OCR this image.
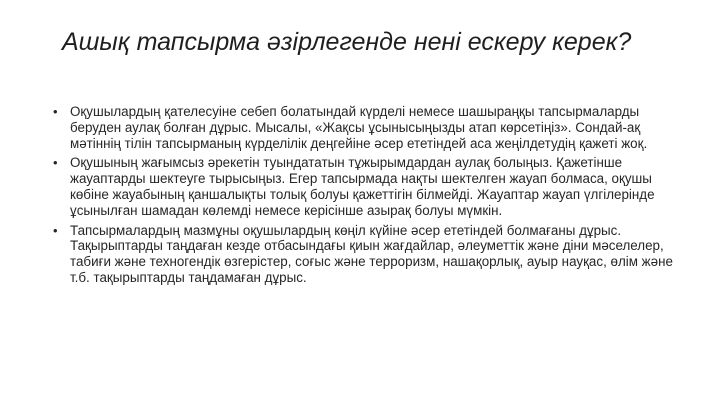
Ашық тапсырма әзірлегенде нені ескеру керек?
• Оқушылардың қателесуіне себеп болатындай күрделі немесе шашыраңқы тапсырмаларды беруден аулақ болған дұрыс. Мысалы, «Жақсы ұсынысыңызды атап көрсетіңіз». Сондай-ақ мәтіннің тілін тапсырманың күрделілік деңгейіне әсер ететіндей аса жеңілдетудің қажеті жоқ.
• Оқушының жағымсыз әрекетін туындататын тұжырымдардан аулақ болыңыз. Қажетінше жауаптарды шектеуге тырысыңыз. Егер тапсырмада нақты шектелген жауап болмаса, оқушы көбіне жауабының қаншалықты толық болуы қажеттігін білмейді. Жауаптар жауап үлгілерінде ұсынылған шамадан көлемді немесе керісінше азырақ болуы мүмкін.
• Тапсырмалардың мазмұны оқушылардың көңіл күйіне әсер ететіндей болмағаны дұрыс. Тақырыптарды таңдаған кезде отбасындағы қиын жағдайлар, әлеуметтік және діни мәселелер, табиғи және техногендік өзгерістер, соғыс және терроризм, нашақорлық, ауыр науқас, өлім және т.б. тақырыптарды таңдамаған дұрыс.
